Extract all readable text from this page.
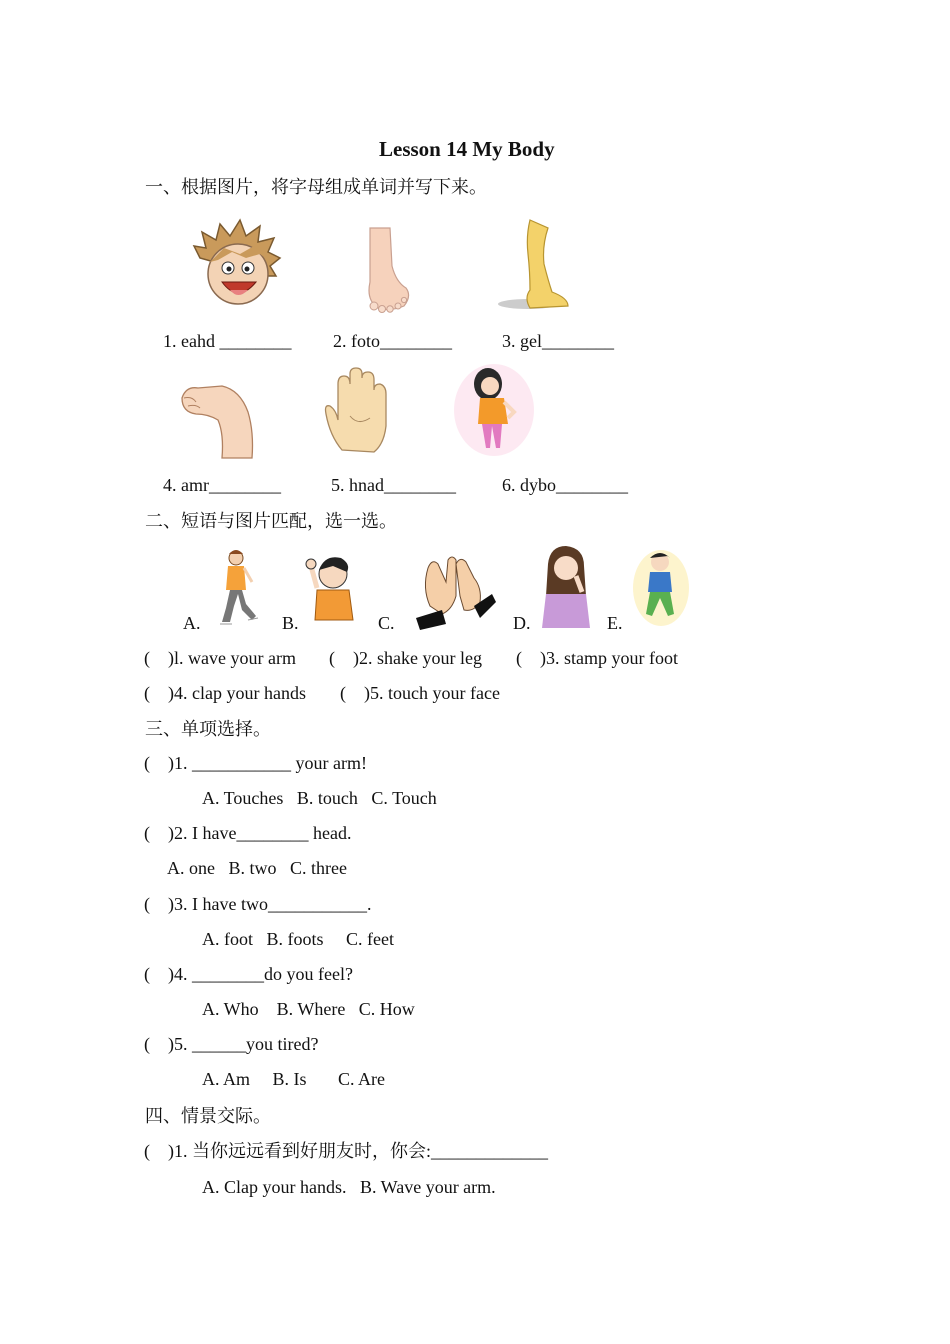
Lesson 14 My Body
一、根据图片，将字母组成单词并写下来。
1. eahd ________ 2. foto________	3. gel________
4. amr________	5. hnad________	6. dybo________
二、短语与图片匹配，选一选。
A.	B.	C.	D.	E.
(    )l. wave your arm (    )2. shake your leg (    )3. stamp your foot
(    )4. clap your hands (    )5. touch your face
三、单项选择。
(    )1. ___________ your arm!
A. Touches   B. touch   C. Touch
(    )2. I have________ head.
A. one   B. two   C. three
(    )3. I have two___________.
A. foot   B. foots     C. feet
(    )4. ________do you feel?
A. Who    B. Where   C. How
(    )5. ______you tired?
A. Am     B. Is       C. Are
四、情景交际。
(    )1. 当你远远看到好朋友时，你会:_____________
A. Clap your hands.   B. Wave your arm.
